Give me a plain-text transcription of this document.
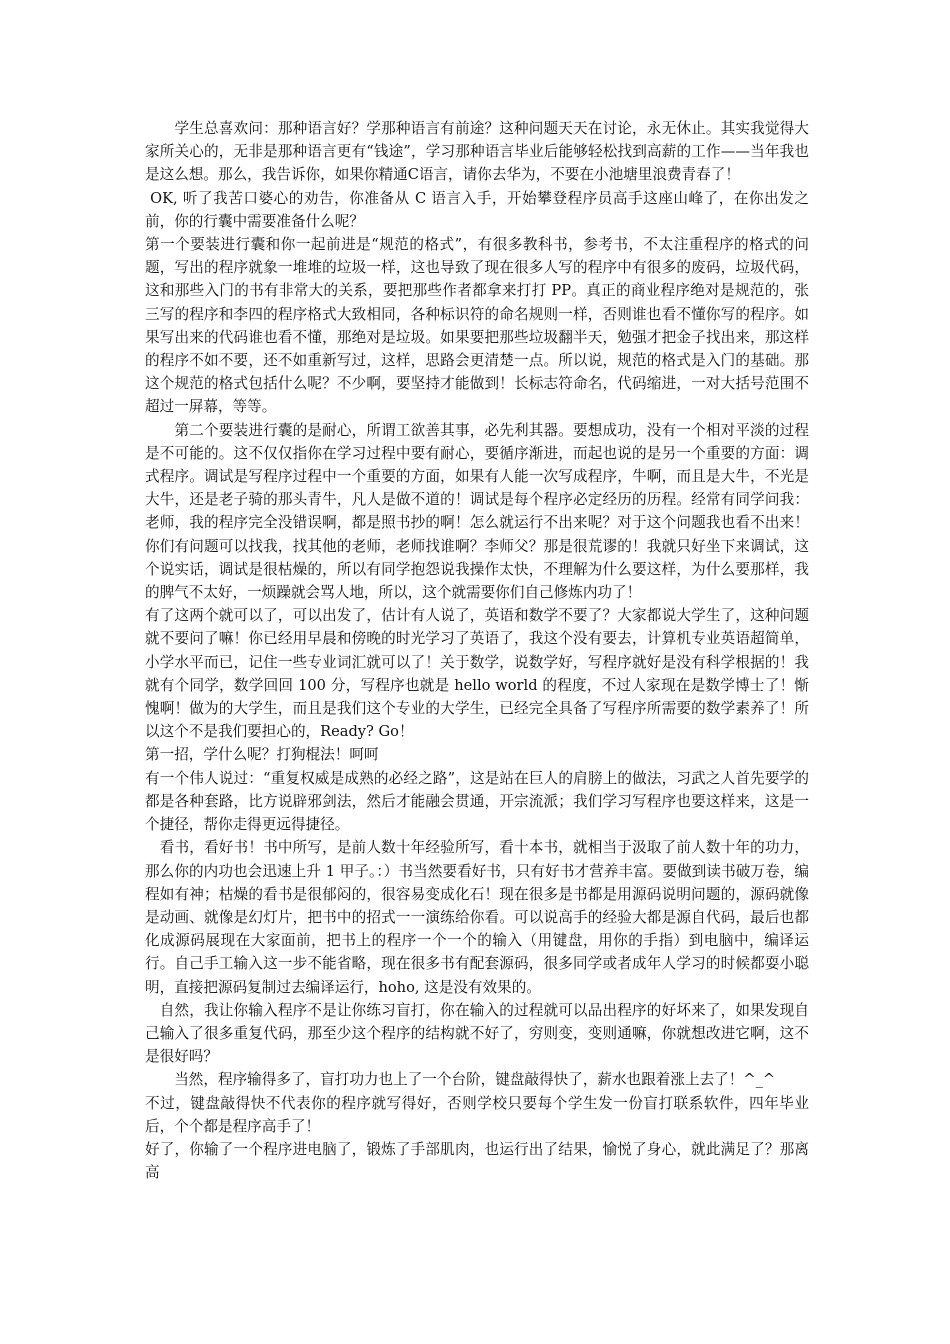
　　学生总喜欢问：那种语言好？学那种语言有前途？这种问题天天在讨论，永无休止。其实我觉得大家所关心的，无非是那种语言更有“钱途”，学习那种语言毕业后能够轻松找到高薪的工作——当年我也是这么想。那么，我告诉你，如果你精通C语言，请你去华为，不要在小池塘里浪费青春了！

OK, 听了我苦口婆心的劝告，你准备从 C 语言入手，开始攀登程序员高手这座山峰了，在你出发之前，你的行囊中需要准备什么呢？

第一个要装进行囊和你一起前进是“规范的格式”，有很多教科书，参考书，不太注重程序的格式的问题，写出的程序就象一堆堆的垃圾一样，这也导致了现在很多人写的程序中有很多的废码，垃圾代码，这和那些入门的书有非常大的关系，要把那些作者都拿来打打 PP。真正的商业程序绝对是规范的，张三写的程序和李四的程序格式大致相同，各种标识符的命名规则一样，否则谁也看不懂你写的程序。如果写出来的代码谁也看不懂，那绝对是垃圾。如果要把那些垃圾翻半天，勉强才把金子找出来，那这样的程序不如不要，还不如重新写过，这样，思路会更清楚一点。所以说，规范的格式是入门的基础。那这个规范的格式包括什么呢？不少啊，要坚持才能做到！长标志符命名，代码缩进，一对大括号范围不超过一屏幕，等等。

　　第二个要装进行囊的是耐心，所谓工欲善其事，必先利其器。要想成功，没有一个相对平淡的过程是不可能的。这不仅仅指你在学习过程中要有耐心，要循序渐进，而起也说的是另一个重要的方面：调式程序。调试是写程序过程中一个重要的方面，如果有人能一次写成程序，牛啊，而且是大牛，不光是大牛，还是老子骑的那头青牛，凡人是做不道的！调试是每个程序必定经历的历程。经常有同学问我：老师，我的程序完全没错误啊，都是照书抄的啊！怎么就运行不出来呢？对于这个问题我也看不出来！你们有问题可以找我，找其他的老师，老师找谁啊？李师父？那是很荒谬的！我就只好坐下来调试，这个说实话，调试是很枯燥的，所以有同学抱怨说我操作太快，不理解为什么要这样，为什么要那样，我的脾气不太好，一烦躁就会骂人地，所以，这个就需要你们自己修炼内功了！

有了这两个就可以了，可以出发了，估计有人说了，英语和数学不要了？大家都说大学生了，这种问题就不要问了嘛！你已经用早晨和傍晚的时光学习了英语了，我这个没有要去，计算机专业英语超简单，小学水平而已，记住一些专业词汇就可以了！关于数学，说数学好，写程序就好是没有科学根据的！我就有个同学，数学回回 100 分，写程序也就是 hello world 的程度，不过人家现在是数学博士了！惭愧啊！做为的大学生，而且是我们这个专业的大学生，已经完全具备了写程序所需要的数学素养了！所以这个不是我们要担心的，Ready? Go！

第一招，学什么呢？打狗棍法！呵呵

有一个伟人说过：“重复权威是成熟的必经之路”，这是站在巨人的肩膀上的做法，习武之人首先要学的都是各种套路，比方说辟邪剑法，然后才能融会贯通，开宗流派；我们学习写程序也要这样来，这是一个捷径，帮你走得更远得捷径。

　看书，看好书！书中所写，是前人数十年经验所写，看十本书，就相当于汲取了前人数十年的功力，那么你的内功也会迅速上升 1 甲子。：）书当然要看好书，只有好书才营养丰富。要做到读书破万卷，编程如有神；枯燥的看书是很郁闷的，很容易变成化石！现在很多是书都是用源码说明问题的，源码就像是动画、就像是幻灯片，把书中的招式一一演练给你看。可以说高手的经验大都是源自代码，最后也都化成源码展现在大家面前，把书上的程序一个一个的输入（用键盘，用你的手指）到电脑中，编译运行。自己手工输入这一步不能省略，现在很多书有配套源码，很多同学或者成年人学习的时候都耍小聪明，直接把源码复制过去编译运行，hoho, 这是没有效果的。

　自然，我让你输入程序不是让你练习盲打，你在输入的过程就可以品出程序的好坏来了，如果发现自己输入了很多重复代码，那至少这个程序的结构就不好了，穷则变，变则通嘛，你就想改进它啊，这不是很好吗？

　　当然，程序输得多了，盲打功力也上了一个台阶，键盘敲得快了，薪水也跟着涨上去了！^_^

不过，键盘敲得快不代表你的程序就写得好，否则学校只要每个学生发一份盲打联系软件，四年毕业后，个个都是程序高手了！

好了，你输了一个程序进电脑了，锻炼了手部肌肉，也运行出了结果，愉悦了身心，就此满足了？那离高
